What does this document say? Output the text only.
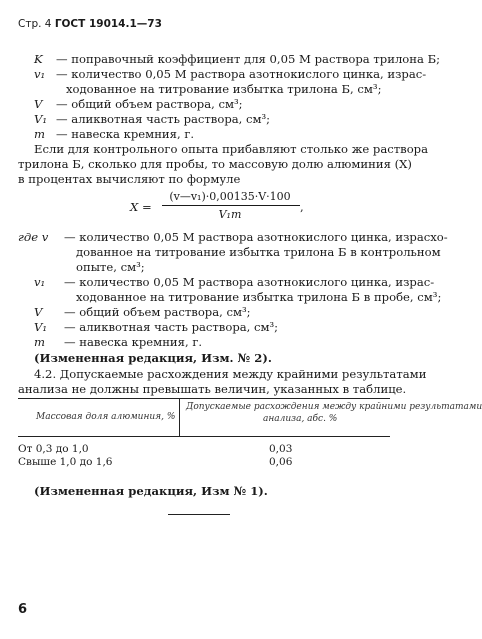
Стр. 4 ГОСТ 19014.1—73
K — поправочный коэффициент для 0,05 М раствора трилона Б;
v₁ — количество 0,05 М раствора азотнокислого цинка, израс-
ходованное на титрование избытка трилона Б, см³;
V — общий объем раствора, см³;
V₁ — аликвотная часть раствора, см³;
m — навеска кремния, г.
Если для контрольного опыта прибавляют столько же раствора
трилона Б, сколько для пробы, то массовую долю алюминия (X)
в процентах вычисляют по формуле
X =
(v—v₁)·0,00135·V·100
V₁m
,
где v — количество 0,05 М раствора азотнокислого цинка, израсхо-
дованное на титрование избытка трилона Б в контрольном
опыте, см³;
v₁ — количество 0,05 М раствора азотнокислого цинка, израс-
ходованное на титрование избытка трилона Б в пробе, см³;
V — общий объем раствора, см³;
V₁ — аликвотная часть раствора, см³;
m — навеска кремния, г.
(Измененная редакция, Изм. № 2).
4.2. Допускаемые расхождения между крайними результатами
анализа не должны превышать величин, указанных в таблице.
Массовая доля алюминия, %
Допускаемые расхождения между крайними результатами
анализа, абс. %
От 0,3 до 1,0	0,03
Свыше 1,0 до 1,6	0,06
(Измененная редакция, Изм № 1).
6
